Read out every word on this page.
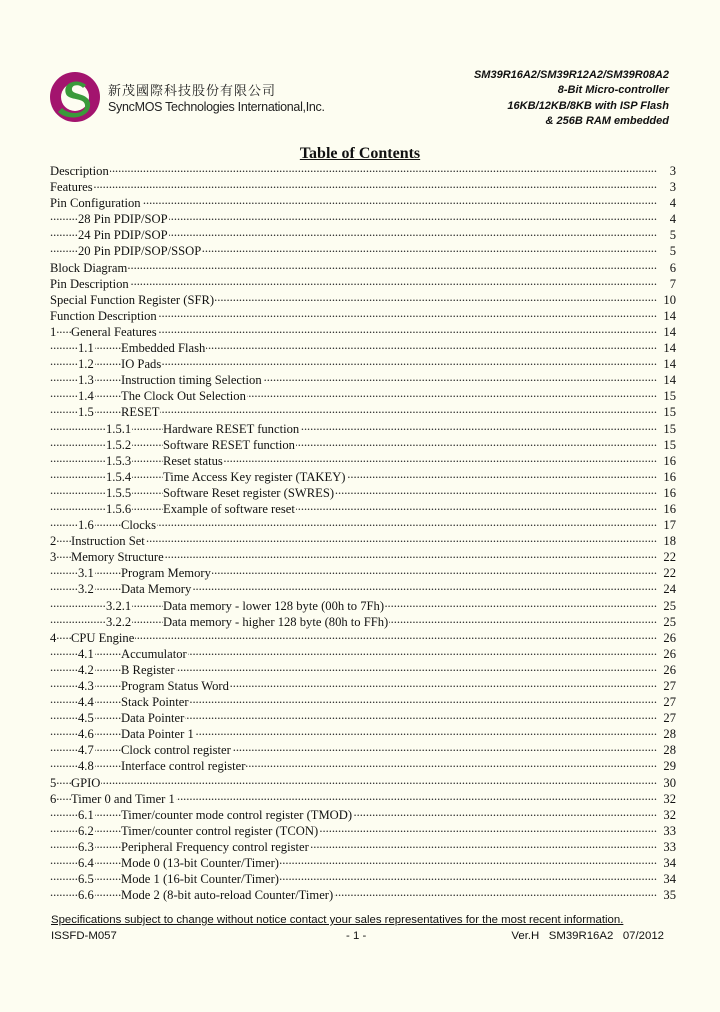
新茂國際科技股份有限公司
SyncMOS Technologies International,Inc.
SM39R16A2/SM39R12A2/SM39R08A2
8-Bit Micro-controller
16KB/12KB/8KB with ISP Flash
& 256B RAM embedded
Table of Contents
. . .
Description	3
. . .
Features	3
. . .
Pin Configuration	4
. . .
28 Pin PDIP/SOP	4
. . .
24 Pin PDIP/SOP	5
. . .
20 Pin PDIP/SOP/SSOP	5
. . .
Block Diagram	6
. . .
Pin Description	7
. . .
Special Function Register (SFR)	10
. . .
Function Description	14
. . .
1 General Features	14
. . .
1.1 Embedded Flash	14
. . .
1.2 IO Pads	14
. . .
1.3 Instruction timing Selection	14
. . .
1.4 The Clock Out Selection	15
. . .
1.5 RESET	15
. . .
1.5.1	Hardware RESET function	15
. . .
1.5.2	Software RESET function	15
. . .
1.5.3	Reset status	16
. . .
1.5.4	Time Access Key register (TAKEY)	16
. . .
1.5.5	Software Reset register (SWRES)	16
. . .
1.5.6	Example of software reset	16
. . .
1.6 Clocks	17
. . .
2 Instruction Set	18
. . .
3 Memory Structure	22
. . .
3.1 Program Memory	22
. . .
3.2 Data Memory	24
. . .
3.2.1	Data memory - lower 128 byte (00h to 7Fh)	25
. . .
3.2.2	Data memory - higher 128 byte (80h to FFh)	25
. . .
4 CPU Engine	26
. . .
4.1 Accumulator	26
. . .
4.2 B Register	26
. . .
4.3 Program Status Word	27
. . .
4.4 Stack Pointer	27
. . .
4.5 Data Pointer	27
. . .
4.6 Data Pointer 1	28
. . .
4.7 Clock control register	28
. . .
4.8 Interface control register	29
. . .
5 GPIO	30
. . .
6 Timer 0 and Timer 1	32
. . .
6.1 Timer/counter mode control register (TMOD)	32
. . .
6.2 Timer/counter control register (TCON)	33
. . .
6.3 Peripheral Frequency control register	33
. . .
6.4 Mode 0 (13-bit Counter/Timer)	34
. . .
6.5 Mode 1 (16-bit Counter/Timer)	34
. . .
6.6 Mode 2 (8-bit auto-reload Counter/Timer)	35
Specifications subject to change without notice contact your sales representatives for the most recent information.
ISSFD-M057	- 1 -	Ver.H   SM39R16A2   07/2012
